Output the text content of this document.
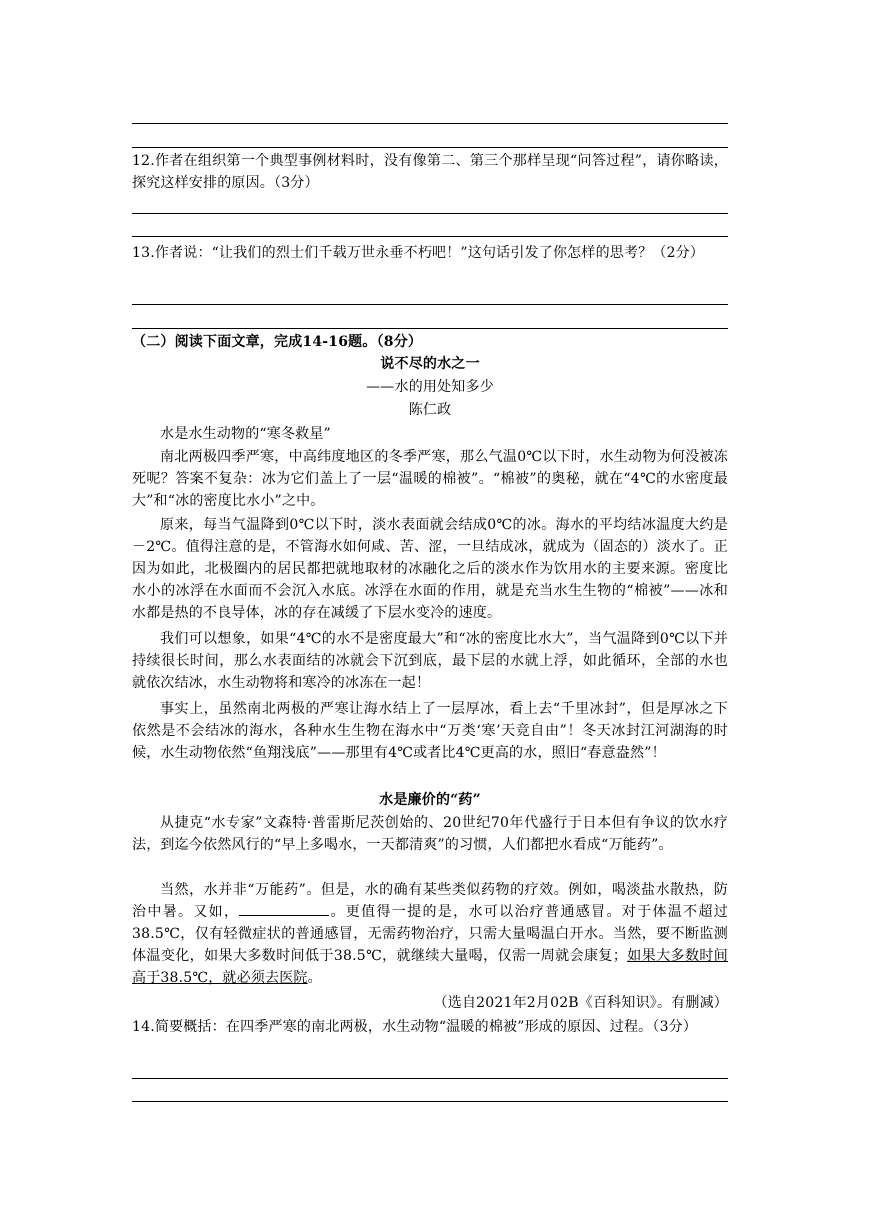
12.作者在组织第一个典型事例材料时，没有像第二、第三个那样呈现“问答过程”，请你略读，探究这样安排的原因。（3分）
13.作者说：“让我们的烈士们千载万世永垂不朽吧！”这句话引发了你怎样的思考？（2分）
（二）阅读下面文章，完成14-16题。（8分）
说不尽的水之一
——水的用处知多少
陈仁政
水是水生动物的“寒冬救星”
南北两极四季严寒，中高纬度地区的冬季严寒，那么气温0℃以下时，水生动物为何没被冻死呢？答案不复杂：冰为它们盖上了一层“温暖的棉被”。“棉被”的奥秘，就在“4℃的水密度最大”和“冰的密度比水小”之中。
原来，每当气温降到0℃以下时，淡水表面就会结成0℃的冰。海水的平均结冰温度大约是－2℃。值得注意的是，不管海水如何咸、苦、涩，一旦结成冰，就成为（固态的）淡水了。正因为如此，北极圈内的居民都把就地取材的冰融化之后的淡水作为饮用水的主要来源。密度比水小的冰浮在水面而不会沉入水底。冰浮在水面的作用，就是充当水生生物的“棉被”——冰和水都是热的不良导体，冰的存在减缓了下层水变冷的速度。
我们可以想象，如果“4℃的水不是密度最大”和“冰的密度比水大”，当气温降到0℃以下并持续很长时间，那么水表面结的冰就会下沉到底，最下层的水就上浮，如此循环，全部的水也就依次结冰，水生动物将和寒冷的冰冻在一起！
事实上，虽然南北两极的严寒让海水结上了一层厚冰，看上去“千里冰封”，但是厚冰之下依然是不会结冰的海水，各种水生生物在海水中“万类‘寒’天竞自由”！冬天冰封江河湖海的时候，水生动物依然“鱼翔浅底”——那里有4℃或者比4℃更高的水，照旧“春意盎然”！
水是廉价的“药”
从捷克“水专家”文森特·普雷斯尼茨创始的、20世纪70年代盛行于日本但有争议的饮水疗法，到迄今依然风行的“早上多喝水，一天都清爽”的习惯，人们都把水看成“万能药”。
当然，水并非“万能药”。但是，水的确有某些类似药物的疗效。例如，喝淡盐水散热，防治中暑。又如，	。更值得一提的是，水可以治疗普通感冒。对于体温不超过38.5℃，仅有轻微症状的普通感冒，无需药物治疗，只需大量喝温白开水。当然，要不断监测体温变化，如果大多数时间低于38.5℃，就继续大量喝，仅需一周就会康复；如果大多数时间高于38.5℃，就必须去医院。
（选自2021年2月02B《百科知识》。有删减）
14.简要概括：在四季严寒的南北两极，水生动物“温暖的棉被”形成的原因、过程。（3分）
